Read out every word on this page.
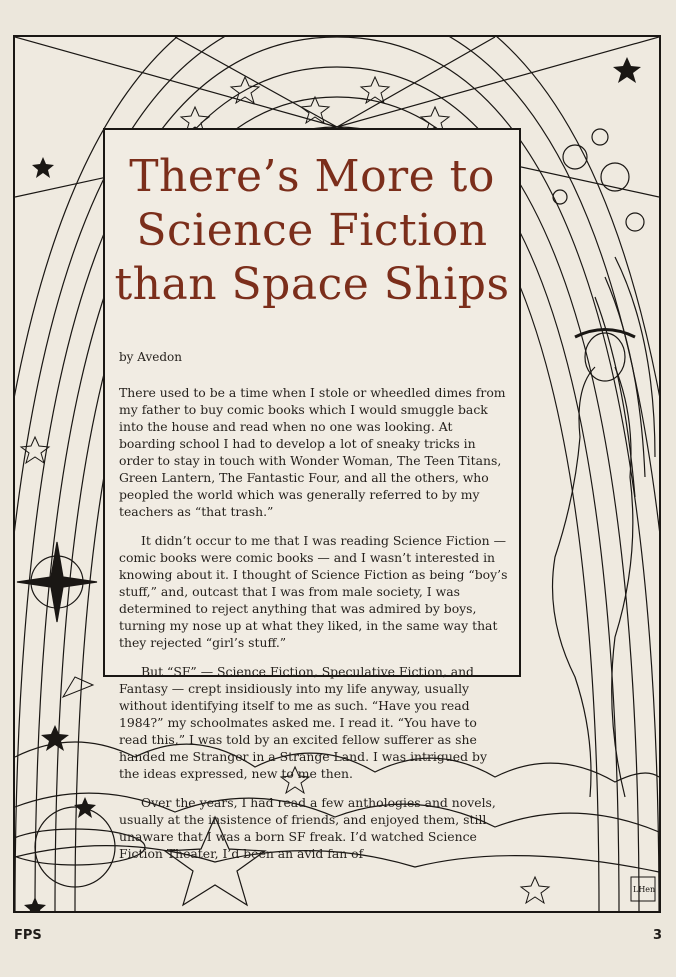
LHen
There’s More to
Science Fiction
than Space Ships
by Avedon

There used to be a time when I stole or wheedled dimes from my father to buy comic books which I would smuggle back into the house and read when no one was looking. At boarding school I had to develop a lot of sneaky tricks in order to stay in touch with Wonder Woman, The Teen Titans, Green Lantern, The Fantastic Four, and all the others, who peopled the world which was generally referred to by my teachers as “that trash.”

It didn’t occur to me that I was reading Science Fiction — comic books were comic books — and I wasn’t interested in knowing about it. I thought of Science Fiction as being “boy’s stuff,” and, outcast that I was from male society, I was determined to reject anything that was admired by boys, turning my nose up at what they liked, in the same way that they rejected “girl’s stuff.”

But “SF” — Science Fiction, Speculative Fiction, and Fantasy — crept insidiously into my life anyway, usually without identifying itself to me as such. “Have you read 1984?” my schoolmates asked me. I read it. “You have to read this,” I was told by an excited fellow sufferer as she handed me Stranger in a Strange Land. I was intrigued by the ideas expressed, new to me then.

Over the years, I had read a few anthologies and novels, usually at the insistence of friends, and enjoyed them, still unaware that I was a born SF freak. I’d watched Science Fiction Theater, I’d been an avid fan of

FPS	3
